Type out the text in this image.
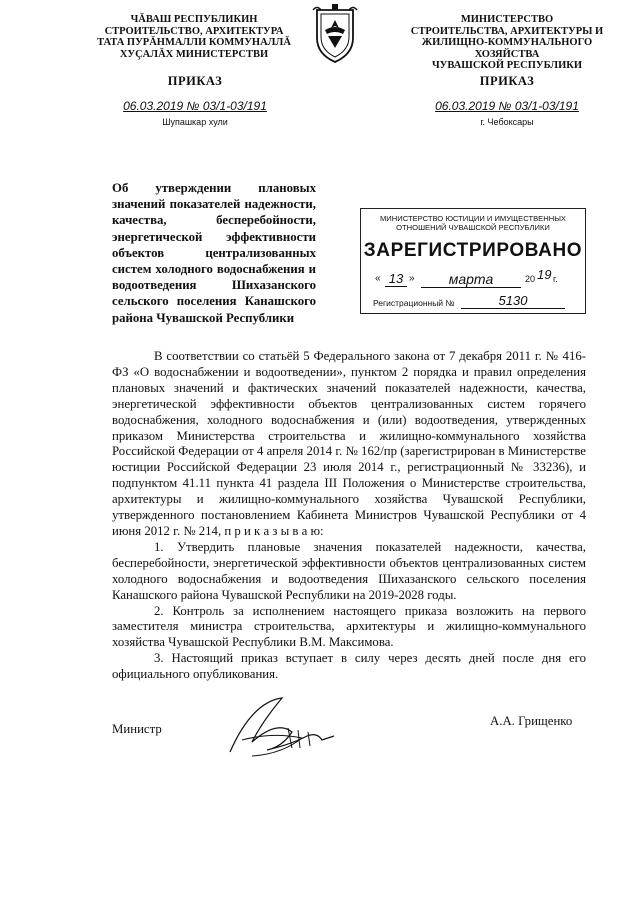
ЧĂВАШ РЕСПУБЛИКИН
СТРОИТЕЛЬСТВО, АРХИТЕКТУРА
ТАТА ПУРĂНМАЛЛИ КОММУНАЛЛĂ
ХУÇАЛĂХ МИНИСТЕРСТВИ
ПРИКАЗ
06.03.2019 № 03/1-03/191
Шупашкар хули
МИНИСТЕРСТВО
СТРОИТЕЛЬСТВА, АРХИТЕКТУРЫ И
ЖИЛИЩНО-КОММУНАЛЬНОГО ХОЗЯЙСТВА
ЧУВАШСКОЙ РЕСПУБЛИКИ
ПРИКАЗ
06.03.2019 № 03/1-03/191
г. Чебоксары
Об утверждении плановых значений показателей надежности, качества, бесперебойности, энергетической эффективности объектов централизованных систем холодного водоснабжения и водоотведения Шихазанского сельского поселения Канашского района Чувашской Республики
МИНИСТЕРСТВО ЮСТИЦИИ И ИМУЩЕСТВЕННЫХ
ОТНОШЕНИЙ ЧУВАШСКОЙ РЕСПУБЛИКИ
ЗАРЕГИСТРИРОВАНО
« 13 »	марта	20 19 г.
Регистрационный №	5130

В соответствии со статьёй 5 Федерального закона от 7 декабря 2011 г. № 416-ФЗ «О водоснабжении и водоотведении», пунктом 2 порядка и правил определения плановых значений и фактических значений показателей надежности, качества, энергетической эффективности объектов централизованных систем горячего водоснабжения, холодного водоснабжения и (или) водоотведения, утвержденных приказом Министерства строительства и жилищно-коммунального хозяйства Российской Федерации от 4 апреля 2014 г. № 162/пр (зарегистрирован в Министерстве юстиции Российской Федерации 23 июля 2014 г., регистрационный № 33236), и подпунктом 41.11 пункта 41 раздела III Положения о Министерстве строительства, архитектуры и жилищно-коммунального хозяйства Чувашской Республики, утвержденного постановлением Кабинета Министров Чувашской Республики от 4 июня 2012 г. № 214, п р и к а з ы в а ю:

1. Утвердить плановые значения показателей надежности, качества, бесперебойности, энергетической эффективности объектов централизованных систем холодного водоснабжения и водоотведения Шихазанского сельского поселения Канашского района Чувашской Республики на 2019-2028 годы.

2. Контроль за исполнением настоящего приказа возложить на первого заместителя министра строительства, архитектуры и жилищно-коммунального хозяйства Чувашской Республики В.М. Максимова.

3. Настоящий приказ вступает в силу через десять дней после дня его официального опубликования.

Министр
А.А. Грищенко
